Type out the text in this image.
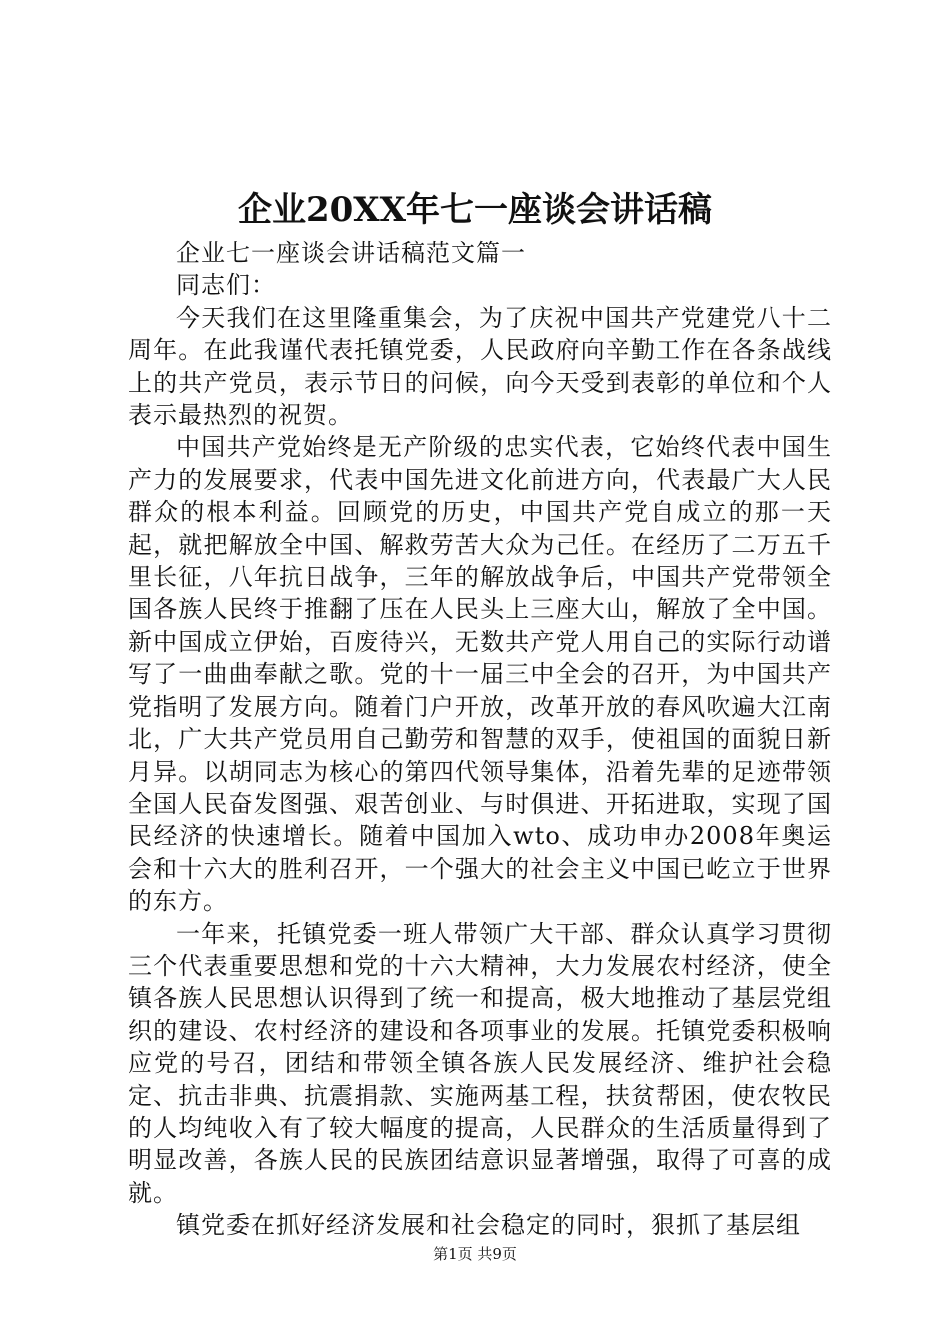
企业20XX年七一座谈会讲话稿

企业七一座谈会讲话稿范文篇一

同志们：

今天我们在这里隆重集会，为了庆祝中国共产党建党八十二周年。在此我谨代表托镇党委，人民政府向辛勤工作在各条战线上的共产党员，表示节日的问候，向今天受到表彰的单位和个人表示最热烈的祝贺。

中国共产党始终是无产阶级的忠实代表，它始终代表中国生产力的发展要求，代表中国先进文化前进方向，代表最广大人民群众的根本利益。回顾党的历史，中国共产党自成立的那一天起，就把解放全中国、解救劳苦大众为己任。在经历了二万五千里长征，八年抗日战争，三年的解放战争后，中国共产党带领全国各族人民终于推翻了压在人民头上三座大山，解放了全中国。新中国成立伊始，百废待兴，无数共产党人用自己的实际行动谱写了一曲曲奉献之歌。党的十一届三中全会的召开，为中国共产党指明了发展方向。随着门户开放，改革开放的春风吹遍大江南北，广大共产党员用自己勤劳和智慧的双手，使祖国的面貌日新月异。以胡同志为核心的第四代领导集体，沿着先辈的足迹带领全国人民奋发图强、艰苦创业、与时俱进、开拓进取，实现了国民经济的快速增长。随着中国加入wto、成功申办2008年奥运会和十六大的胜利召开，一个强大的社会主义中国已屹立于世界的东方。

一年来，托镇党委一班人带领广大干部、群众认真学习贯彻三个代表重要思想和党的十六大精神，大力发展农村经济，使全镇各族人民思想认识得到了统一和提高，极大地推动了基层党组织的建设、农村经济的建设和各项事业的发展。托镇党委积极响应党的号召，团结和带领全镇各族人民发展经济、维护社会稳定、抗击非典、抗震捐款、实施两基工程，扶贫帮困，使农牧民的人均纯收入有了较大幅度的提高，人民群众的生活质量得到了明显改善，各族人民的民族团结意识显著增强，取得了可喜的成就。

镇党委在抓好经济发展和社会稳定的同时，狠抓了基层组

第1页 共9页
